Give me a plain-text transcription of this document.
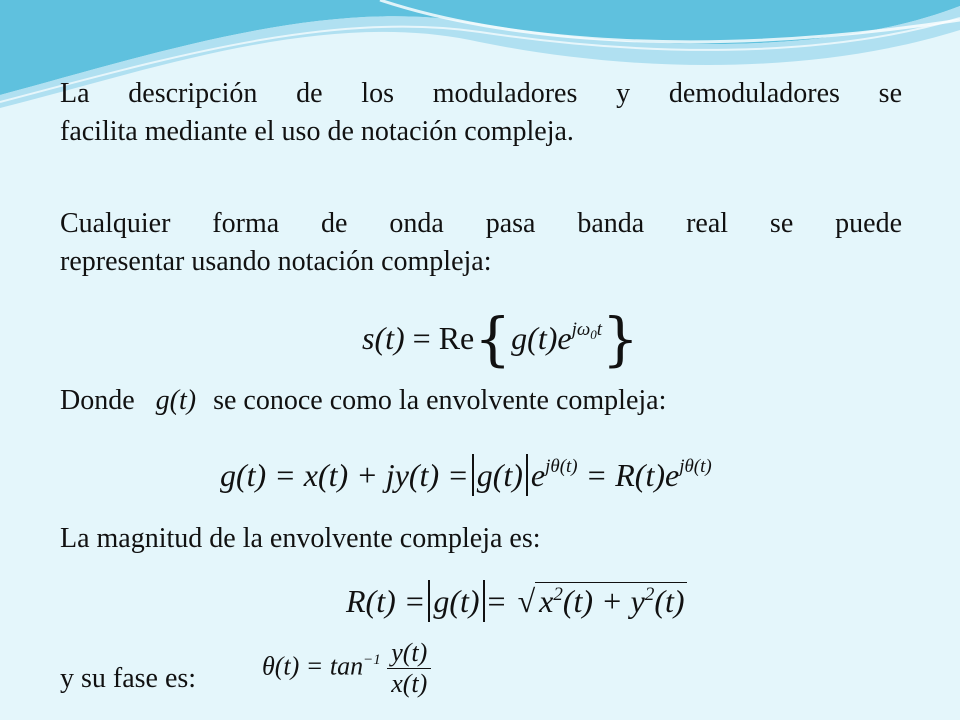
La descripción de los moduladores y demoduladores se
facilita mediante el uso de notación compleja.
Cualquier forma de onda pasa banda real se puede
representar usando notación compleja:
$s(t) = Re\{g(t)e^{j\omega_0t}\}$
Donde g(t) se conoce como la envolvente compleja:
g(t) = x(t) + jy(t) = g(t) $e^{j\theta(t)} = R(t)e^{j\theta(t)}$
La magnitud de la envolvente compleja es:
R(t) = g(t) = √ $x^2(t) + y^2(t)$
y su fase es:	$\theta(t) = \tan^{-1} \frac{y(t)}{x(t)}$
